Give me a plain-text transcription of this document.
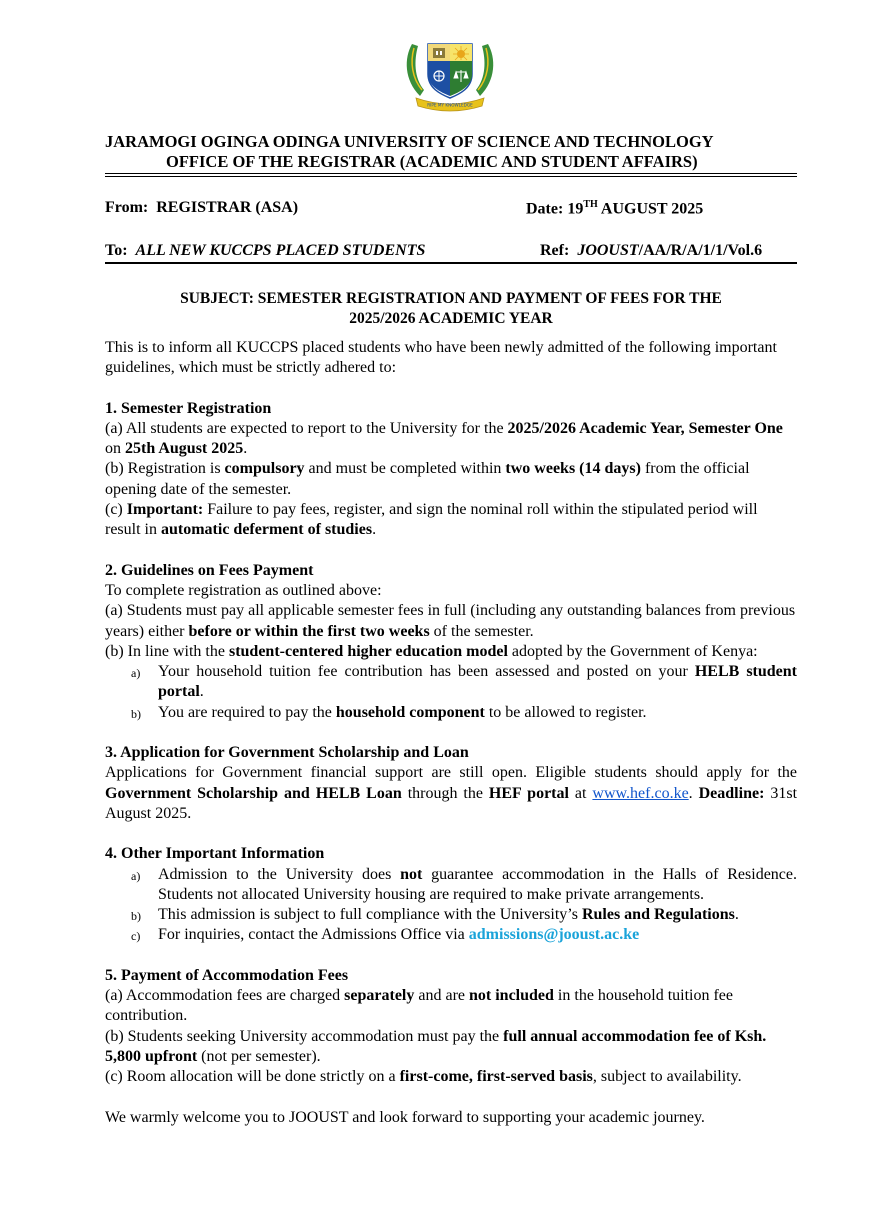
RIPE MY KNOWLEDGE
JARAMOGI OGINGA ODINGA UNIVERSITY OF SCIENCE AND TECHNOLOGY
OFFICE OF THE REGISTRAR (ACADEMIC AND STUDENT AFFAIRS)
From: REGISTRAR (ASA)	Date: 19TH AUGUST 2025
To: ALL NEW KUCCPS PLACED STUDENTS	Ref: JOOUST/AA/R/A/1/1/Vol.6
SUBJECT: SEMESTER REGISTRATION AND PAYMENT OF FEES FOR THE
2025/2026 ACADEMIC YEAR

This is to inform all KUCCPS placed students who have been newly admitted of the following important guidelines, which must be strictly adhered to:

1. Semester Registration

(a) All students are expected to report to the University for the 2025/2026 Academic Year, Semester One on 25th August 2025.

(b) Registration is compulsory and must be completed within two weeks (14 days) from the official opening date of the semester.

(c) Important: Failure to pay fees, register, and sign the nominal roll within the stipulated period will result in automatic deferment of studies.

2. Guidelines on Fees Payment

To complete registration as outlined above:

(a) Students must pay all applicable semester fees in full (including any outstanding balances from previous years) either before or within the first two weeks of the semester.

(b) In line with the student-centered higher education model adopted by the Government of Kenya:

a) Your household tuition fee contribution has been assessed and posted on your HELB student portal.
b) You are required to pay the household component to be allowed to register.

3. Application for Government Scholarship and Loan

Applications for Government financial support are still open. Eligible students should apply for the Government Scholarship and HELB Loan through the HEF portal at www.hef.co.ke. Deadline: 31st August 2025.

4. Other Important Information

a) Admission to the University does not guarantee accommodation in the Halls of Residence. Students not allocated University housing are required to make private arrangements.
b) This admission is subject to full compliance with the University’s Rules and Regulations.
c) For inquiries, contact the Admissions Office via admissions@jooust.ac.ke

5. Payment of Accommodation Fees

(a) Accommodation fees are charged separately and are not included in the household tuition fee contribution.

(b) Students seeking University accommodation must pay the full annual accommodation fee of Ksh. 5,800 upfront (not per semester).

(c) Room allocation will be done strictly on a first-come, first-served basis, subject to availability.

We warmly welcome you to JOOUST and look forward to supporting your academic journey.
